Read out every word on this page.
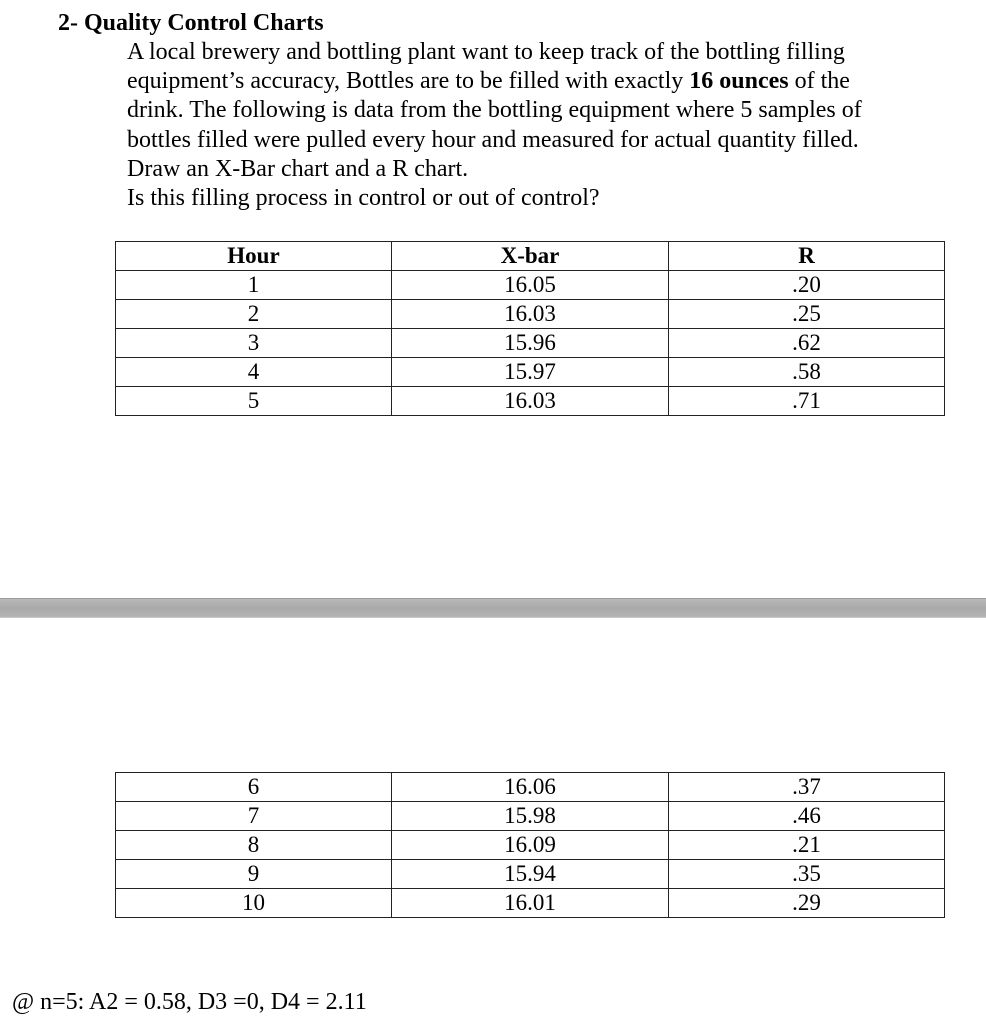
2- Quality Control Charts
A local brewery and bottling plant want to keep track of the bottling filling
equipment’s accuracy, Bottles are to be filled with exactly 16 ounces of the
drink. The following is data from the bottling equipment where 5 samples of
bottles filled were pulled every hour and measured for actual quantity filled.
Draw an X-Bar chart and a R chart.
Is this filling process in control or out of control?
Hour	X-bar	R
1	16.05	.20
2	16.03	.25
3	15.96	.62
4	15.97	.58
5	16.03	.71
6	16.06	.37
7	15.98	.46
8	16.09	.21
9	15.94	.35
10	16.01	.29
@ n=5: A2 = 0.58, D3 =0, D4 = 2.11
